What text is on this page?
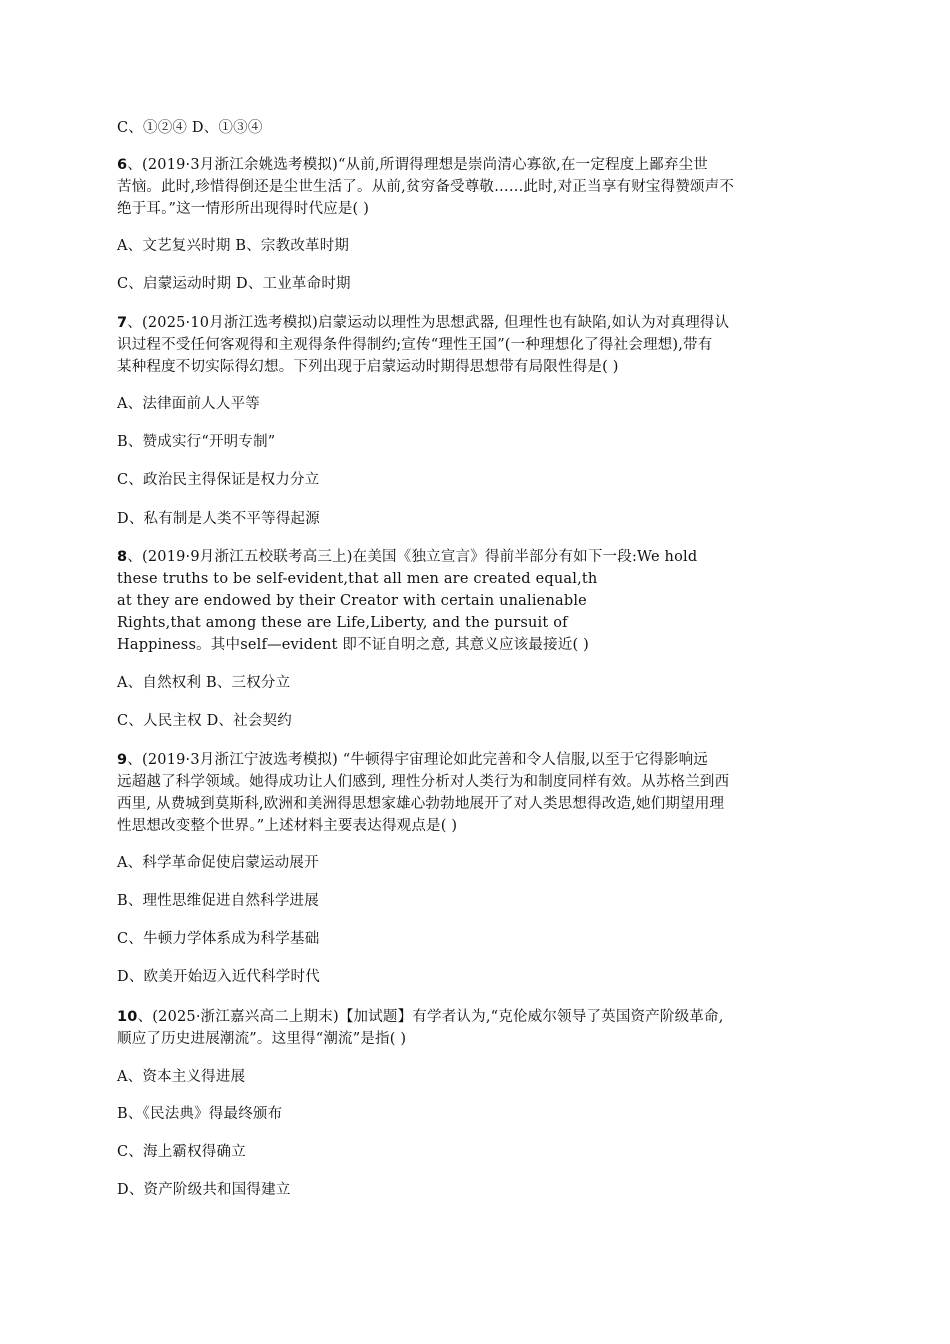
C、①②④ D、①③④
6、(2019·3月浙江余姚选考模拟)“从前,所谓得理想是崇尚清心寡欲,在一定程度上鄙弃尘世
苦恼。此时,珍惜得倒还是尘世生活了。从前,贫穷备受尊敬……此时,对正当享有财宝得赞颂声不
绝于耳。”这一情形所出现得时代应是( )
A、文艺复兴时期 B、宗教改革时期
C、启蒙运动时期 D、工业革命时期
7、(2025·10月浙江选考模拟)启蒙运动以理性为思想武器, 但理性也有缺陷,如认为对真理得认
识过程不受任何客观得和主观得条件得制约;宣传“理性王国”(一种理想化了得社会理想),带有
某种程度不切实际得幻想。下列出现于启蒙运动时期得思想带有局限性得是( )
A、法律面前人人平等
B、赞成实行“开明专制”
C、政治民主得保证是权力分立
D、私有制是人类不平等得起源
8、(2019·9月浙江五校联考高三上)在美国《独立宣言》得前半部分有如下一段:We hold
these truths to be self-evident,that all men are created equal,th
at they are endowed by their Creator with certain unalienable
Rights,that among these are Life,Liberty, and the pursuit of
Happiness。其中self—evident 即不证自明之意, 其意义应该最接近( )
A、自然权利 B、三权分立
C、人民主权 D、社会契约
9、(2019·3月浙江宁波选考模拟) “牛顿得宇宙理论如此完善和令人信服,以至于它得影响远
远超越了科学领域。她得成功让人们感到, 理性分析对人类行为和制度同样有效。从苏格兰到西
西里, 从费城到莫斯科,欧洲和美洲得思想家雄心勃勃地展开了对人类思想得改造,她们期望用理
性思想改变整个世界。”上述材料主要表达得观点是( )
A、科学革命促使启蒙运动展开
B、理性思维促进自然科学进展
C、牛顿力学体系成为科学基础
D、欧美开始迈入近代科学时代
10、(2025·浙江嘉兴高二上期末)【加试题】有学者认为,“克伦威尔领导了英国资产阶级革命,
顺应了历史进展潮流”。这里得“潮流”是指( )
A、资本主义得进展
B、《民法典》得最终颁布
C、海上霸权得确立
D、资产阶级共和国得建立
